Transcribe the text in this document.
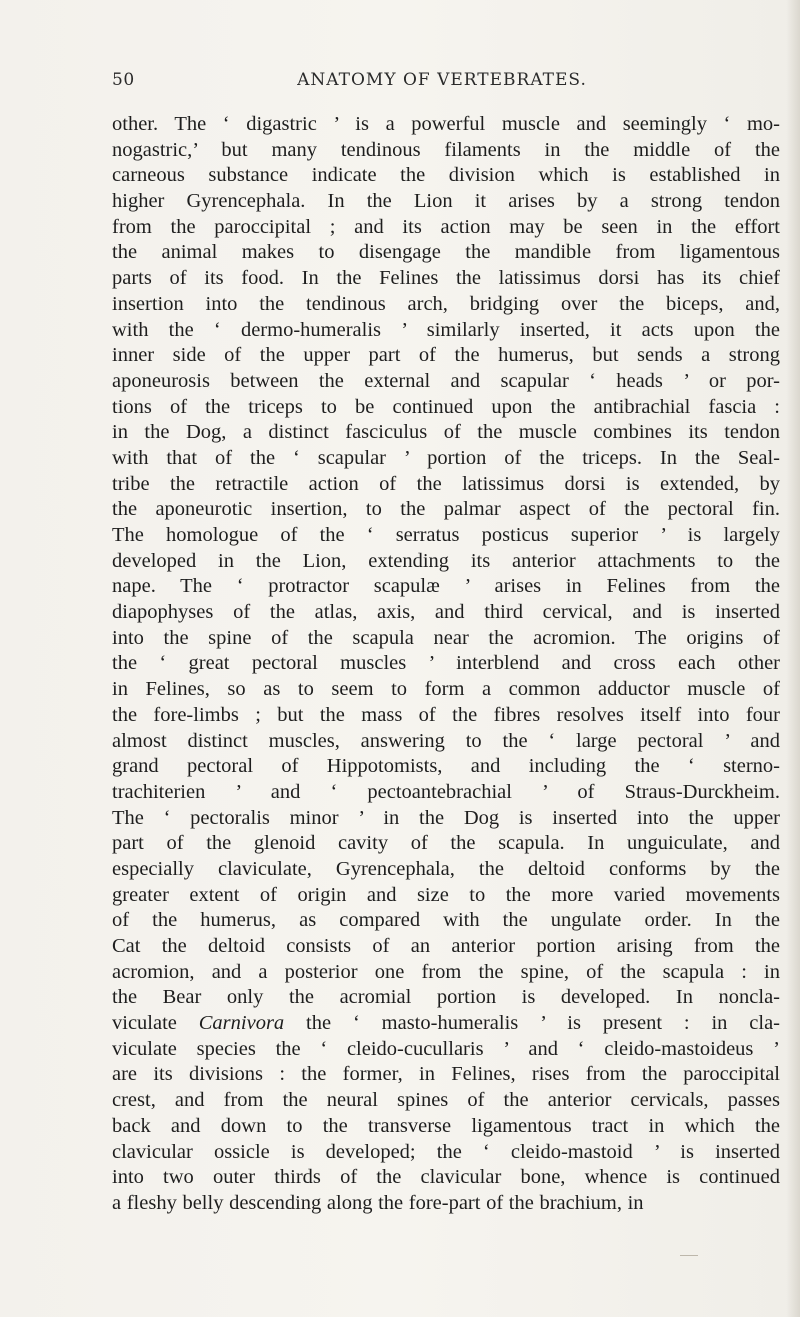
50	ANATOMY OF VERTEBRATES.
other. The ‘ digastric ’ is a powerful muscle and seemingly ‘ mo-
nogastric,’ but many tendinous filaments in the middle of the
carneous substance indicate the division which is established in
higher Gyrencephala. In the Lion it arises by a strong tendon
from the paroccipital ; and its action may be seen in the effort
the animal makes to disengage the mandible from ligamentous
parts of its food. In the Felines the latissimus dorsi has its chief
insertion into the tendinous arch, bridging over the biceps, and,
with the ‘ dermo-humeralis ’ similarly inserted, it acts upon the
inner side of the upper part of the humerus, but sends a strong
aponeurosis between the external and scapular ‘ heads ’ or por-
tions of the triceps to be continued upon the antibrachial fascia :
in the Dog, a distinct fasciculus of the muscle combines its tendon
with that of the ‘ scapular ’ portion of the triceps. In the Seal-
tribe the retractile action of the latissimus dorsi is extended, by
the aponeurotic insertion, to the palmar aspect of the pectoral fin.
The homologue of the ‘ serratus posticus superior ’ is largely
developed in the Lion, extending its anterior attachments to the
nape. The ‘ protractor scapulæ ’ arises in Felines from the
diapophyses of the atlas, axis, and third cervical, and is inserted
into the spine of the scapula near the acromion. The origins of
the ‘ great pectoral muscles ’ interblend and cross each other
in Felines, so as to seem to form a common adductor muscle of
the fore-limbs ; but the mass of the fibres resolves itself into four
almost distinct muscles, answering to the ‘ large pectoral ’ and
grand pectoral of Hippotomists, and including the ‘ sterno-
trachiterien ’ and ‘ pectoantebrachial ’ of Straus-Durckheim.
The ‘ pectoralis minor ’ in the Dog is inserted into the upper
part of the glenoid cavity of the scapula. In unguiculate, and
especially claviculate, Gyrencephala, the deltoid conforms by the
greater extent of origin and size to the more varied movements
of the humerus, as compared with the ungulate order. In the
Cat the deltoid consists of an anterior portion arising from the
acromion, and a posterior one from the spine, of the scapula : in
the Bear only the acromial portion is developed. In noncla-
viculate Carnivora the ‘ masto-humeralis ’ is present : in cla-
viculate species the ‘ cleido-cucullaris ’ and ‘ cleido-mastoideus ’
are its divisions : the former, in Felines, rises from the paroccipital
crest, and from the neural spines of the anterior cervicals, passes
back and down to the transverse ligamentous tract in which the
clavicular ossicle is developed; the ‘ cleido-mastoid ’ is inserted
into two outer thirds of the clavicular bone, whence is continued
a fleshy belly descending along the fore-part of the brachium, in
